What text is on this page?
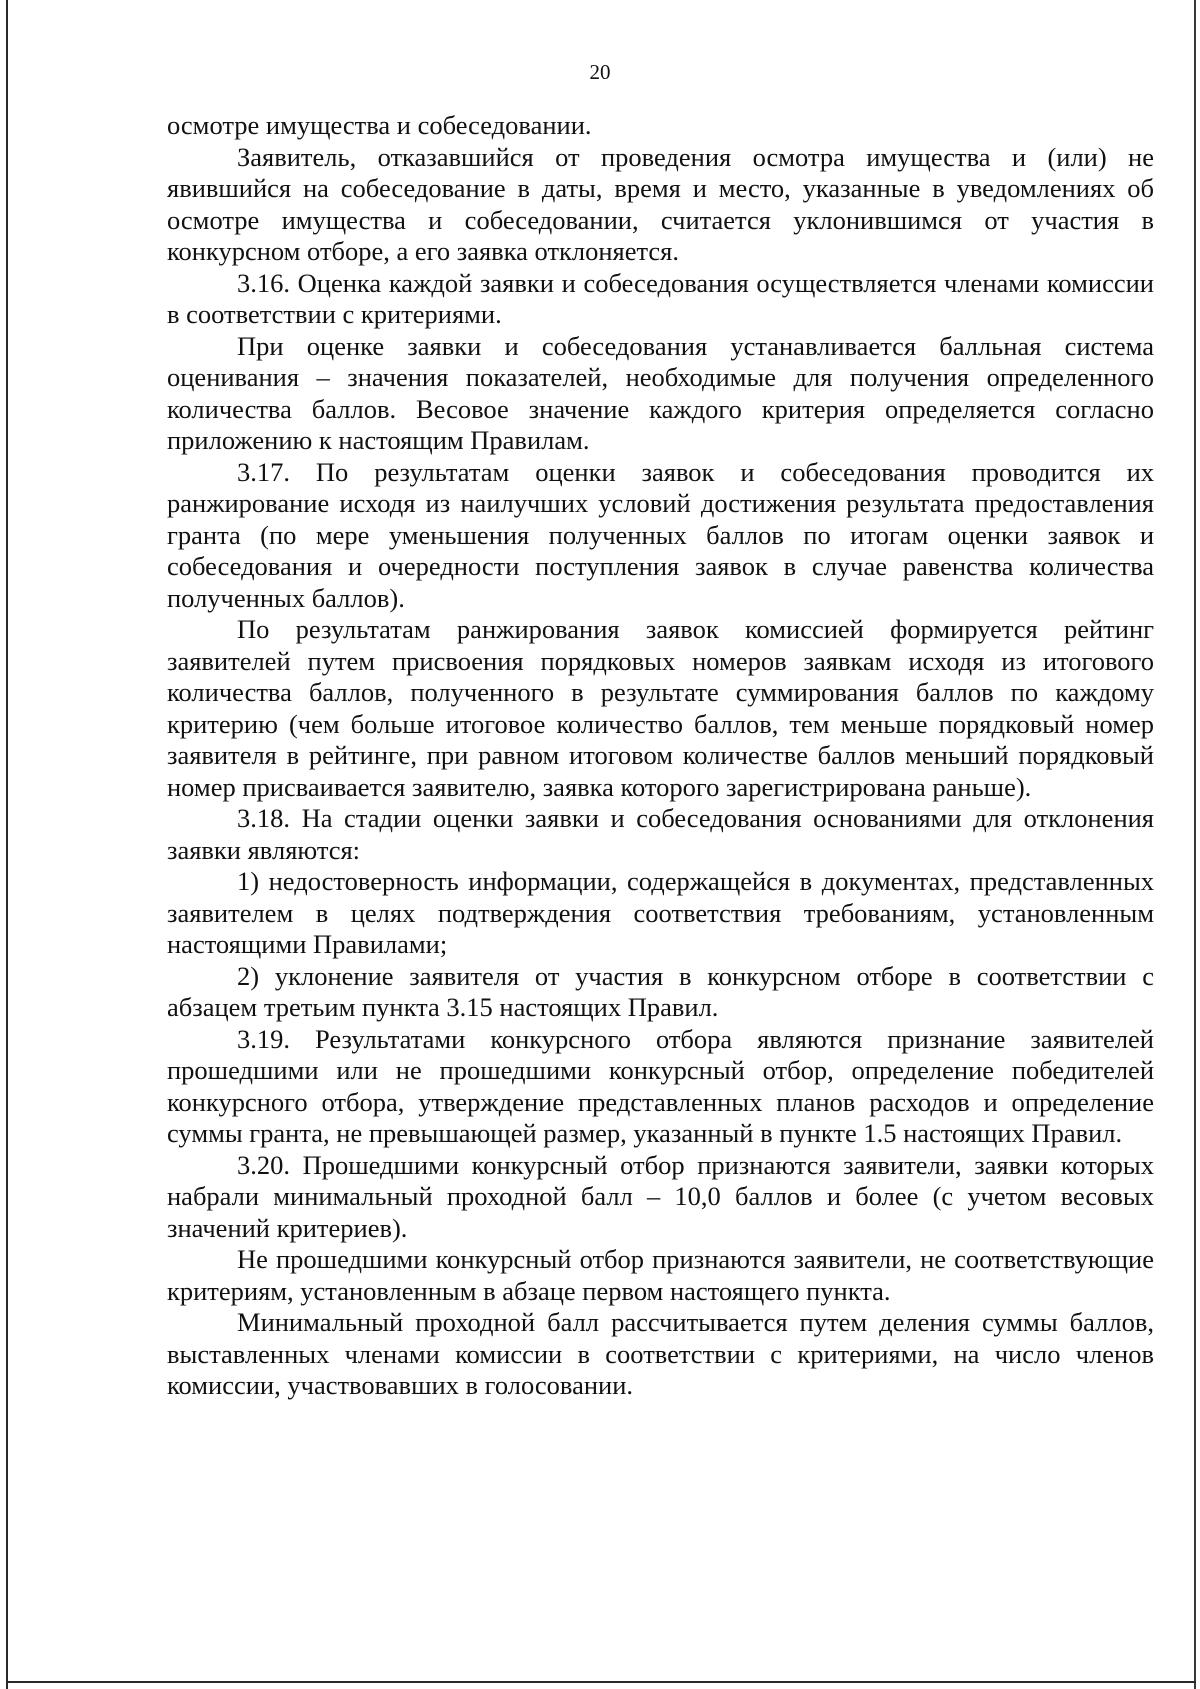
20

осмотре имущества и собеседовании.

Заявитель, отказавшийся от проведения осмотра имущества и (или) не явившийся на собеседование в даты, время и место, указанные в уведомлениях об осмотре имущества и собеседовании, считается уклонившимся от участия в конкурсном отборе, а его заявка отклоняется.

3.16. Оценка каждой заявки и собеседования осуществляется членами комиссии в соответствии с критериями.

При оценке заявки и собеседования устанавливается балльная система оценивания – значения показателей, необходимые для получения определенного количества баллов. Весовое значение каждого критерия определяется согласно приложению к настоящим Правилам.

3.17. По результатам оценки заявок и собеседования проводится их ранжирование исходя из наилучших условий достижения результата предоставления гранта (по мере уменьшения полученных баллов по итогам оценки заявок и собеседования и очередности поступления заявок в случае равенства количества полученных баллов).

По результатам ранжирования заявок комиссией формируется рейтинг заявителей путем присвоения порядковых номеров заявкам исходя из итогового количества баллов, полученного в результате суммирования баллов по каждому критерию (чем больше итоговое количество баллов, тем меньше порядковый номер заявителя в рейтинге, при равном итоговом количестве баллов меньший порядковый номер присваивается заявителю, заявка которого зарегистрирована раньше).

3.18. На стадии оценки заявки и собеседования основаниями для отклонения заявки являются:

1) недостоверность информации, содержащейся в документах, представленных заявителем в целях подтверждения соответствия требованиям, установленным настоящими Правилами;

2) уклонение заявителя от участия в конкурсном отборе в соответствии с абзацем третьим пункта 3.15 настоящих Правил.

3.19. Результатами конкурсного отбора являются признание заявителей прошедшими или не прошедшими конкурсный отбор, определение победителей конкурсного отбора, утверждение представленных планов расходов и определение суммы гранта, не превышающей размер, указанный в пункте 1.5 настоящих Правил.

3.20. Прошедшими конкурсный отбор признаются заявители, заявки которых набрали минимальный проходной балл – 10,0 баллов и более (с учетом весовых значений критериев).

Не прошедшими конкурсный отбор признаются заявители, не соответствующие критериям, установленным в абзаце первом настоящего пункта.

Минимальный проходной балл рассчитывается путем деления суммы баллов, выставленных членами комиссии в соответствии с критериями, на число членов комиссии, участвовавших в голосовании.
